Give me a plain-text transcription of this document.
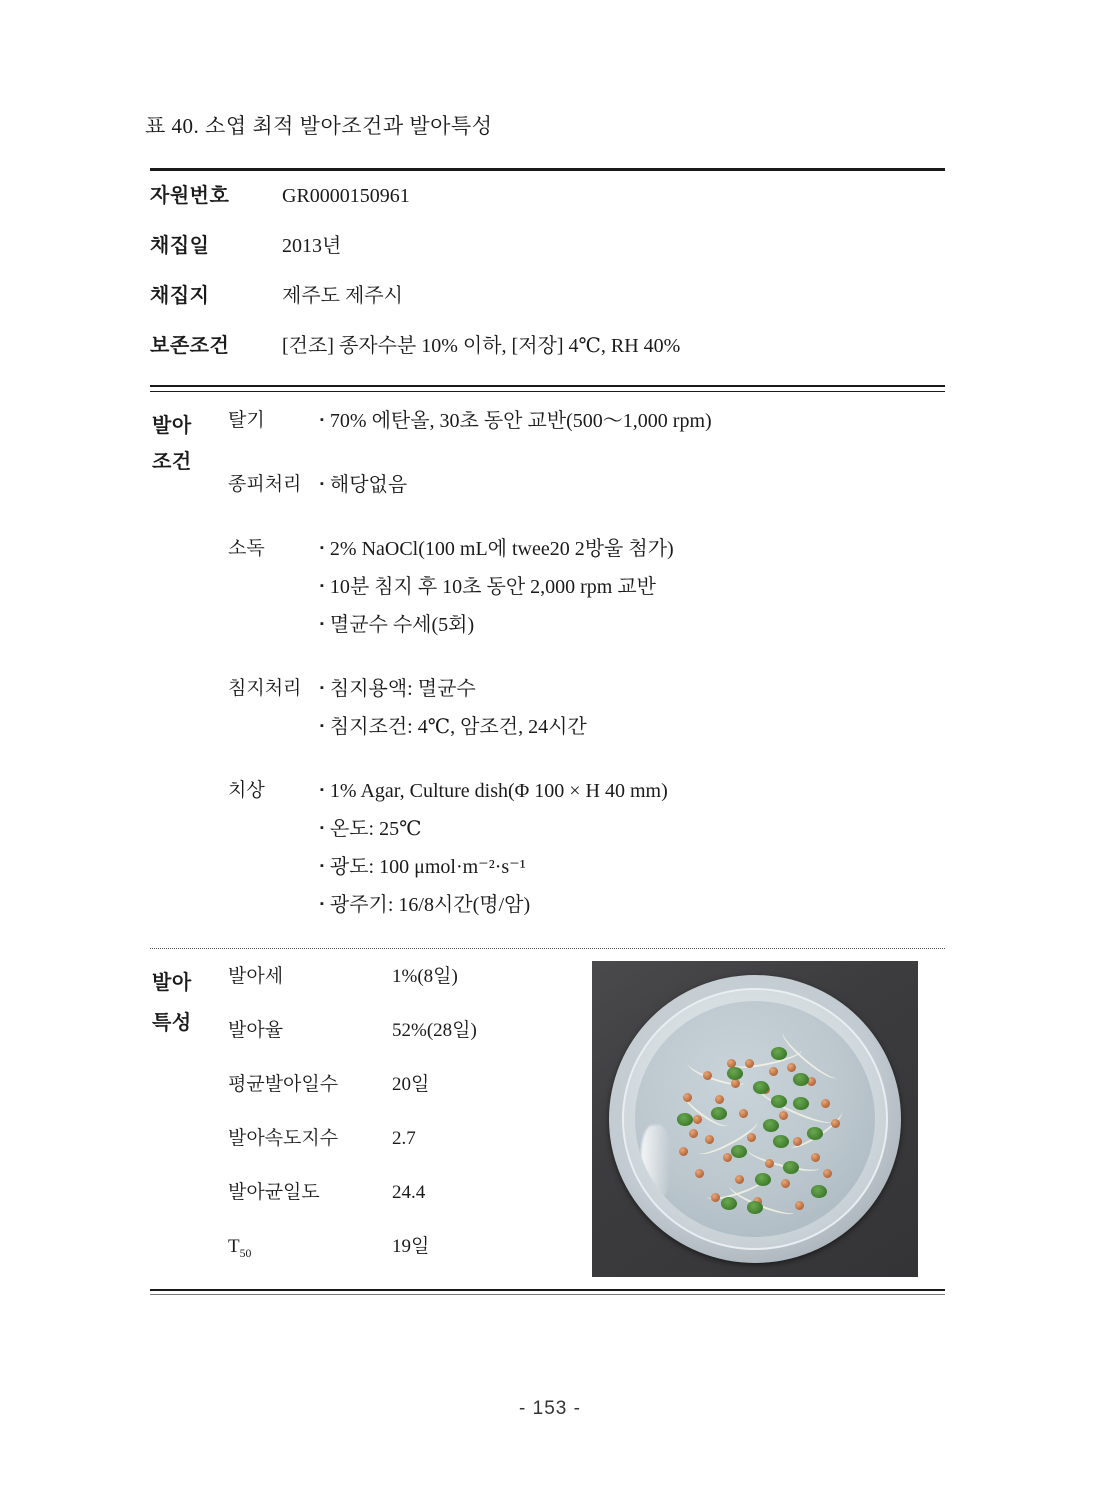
표 40. 소엽 최적 발아조건과 발아특성
자원번호	GR0000150961
채집일	2013년
채집지	제주도 제주시
보존조건	[건조] 종자수분 10% 이하, [저장] 4℃, RH 40%
발아
조건
탈기	▪ 70% 에탄올, 30초 동안 교반(500～1,000 rpm)
종피처리	▪ 해당없음
소독	▪ 2% NaOCl(100 mL에 twee20 2방울 첨가)
▪ 10분 침지 후 10초 동안 2,000 rpm 교반
▪ 멸균수 수세(5회)
침지처리	▪ 침지용액: 멸균수
▪ 침지조건: 4℃, 암조건, 24시간
치상	▪ 1% Agar, Culture dish(Φ 100 × H 40 mm)
▪ 온도: 25℃
▪ 광도: 100 μmol·m⁻²·s⁻¹
▪ 광주기: 16/8시간(명/암)
발아
특성
발아세	1%(8일)
발아율	52%(28일)
평균발아일수	20일
발아속도지수	2.7
발아균일도	24.4
$T_{50}$	19일
- 153 -
